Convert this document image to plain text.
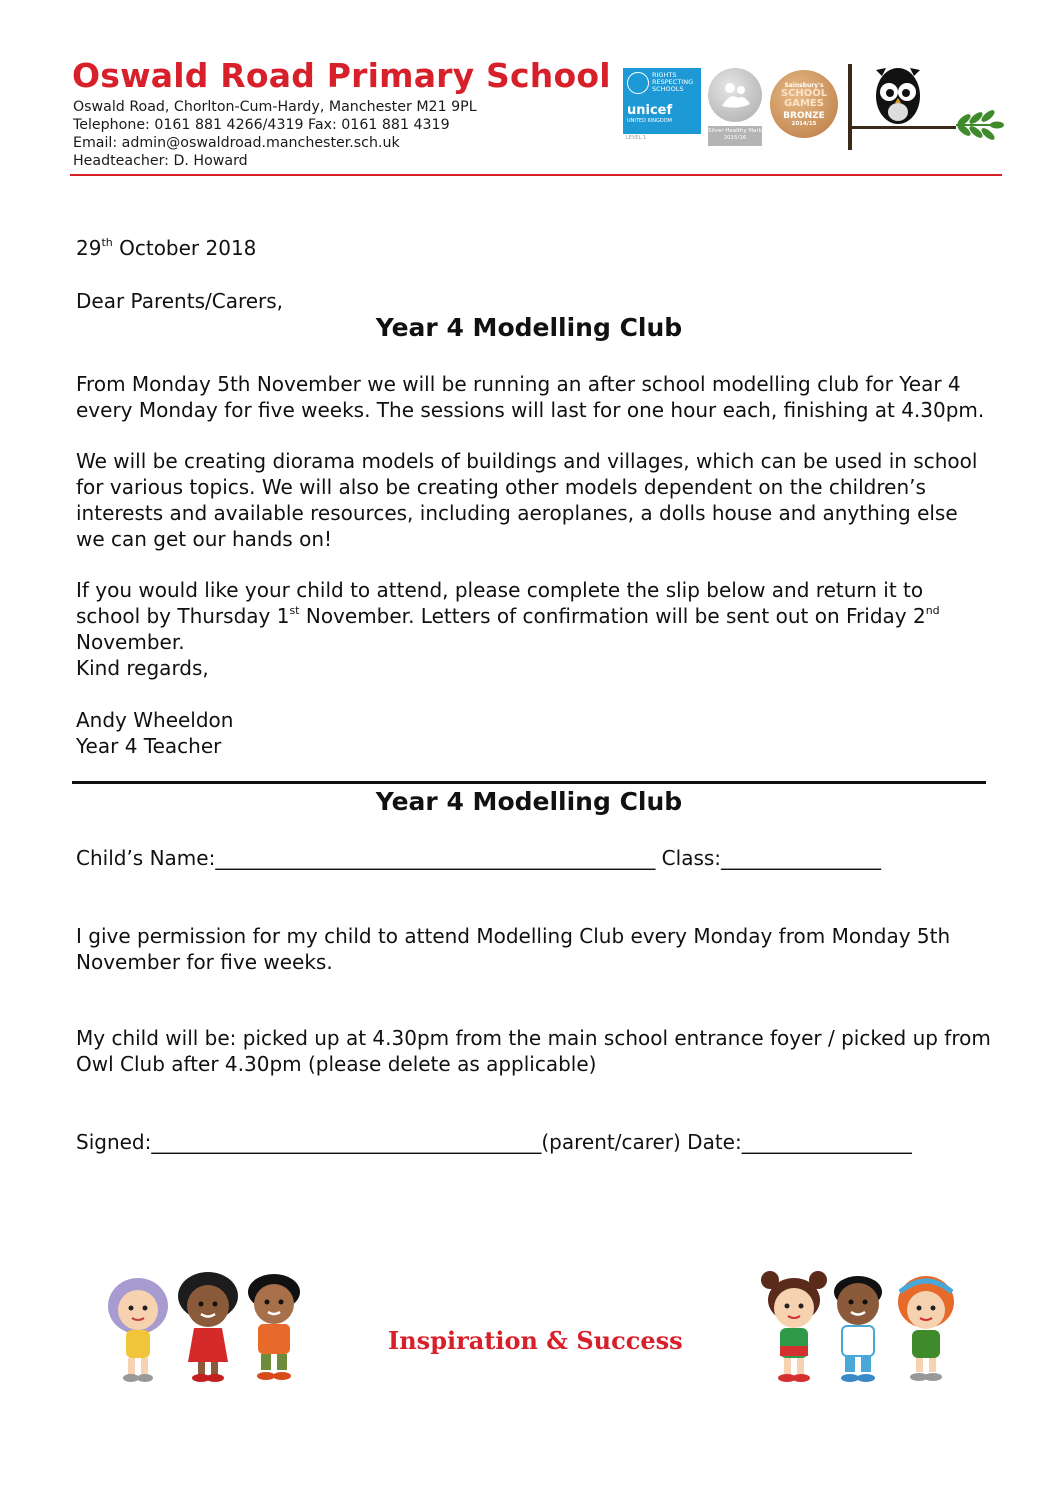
Oswald Road Primary School
Oswald Road, Chorlton-Cum-Hardy, Manchester M21 9PL
Telephone: 0161 881 4266/4319 Fax: 0161 881 4319
Email: admin@oswaldroad.manchester.sch.uk
Headteacher: D. Howard
RIGHTS
RESPECTING
SCHOOLS
unicef
UNITED KINGDOM
LEVEL 1
Silver Healthy Mark 2015/16
Sainsbury's
SCHOOL
GAMES
BRONZE
2014/15
29th October 2018
Dear Parents/Carers,
Year 4 Modelling Club
From Monday 5th November we will be running an after school modelling club for Year 4 every Monday for five weeks. The sessions will last for one hour each, finishing at 4.30pm.
We will be creating diorama models of buildings and villages, which can be used in school for various topics. We will also be creating other models dependent on the children’s interests and available resources, including aeroplanes, a dolls house and anything else we can get our hands on!
If you would like your child to attend, please complete the slip below and return it to school by Thursday 1st November. Letters of confirmation will be sent out on Friday 2nd November.
Kind regards,
Andy Wheeldon
Year 4 Teacher
Year 4 Modelling Club
Child’s Name:____________________________________________ Class:________________
I give permission for my child to attend Modelling Club every Monday from Monday 5th November for five weeks.
My child will be: picked up at 4.30pm from the main school entrance foyer / picked up from Owl Club after 4.30pm (please delete as applicable)
Signed:_______________________________________(parent/carer) Date:_________________
Inspiration & Success
